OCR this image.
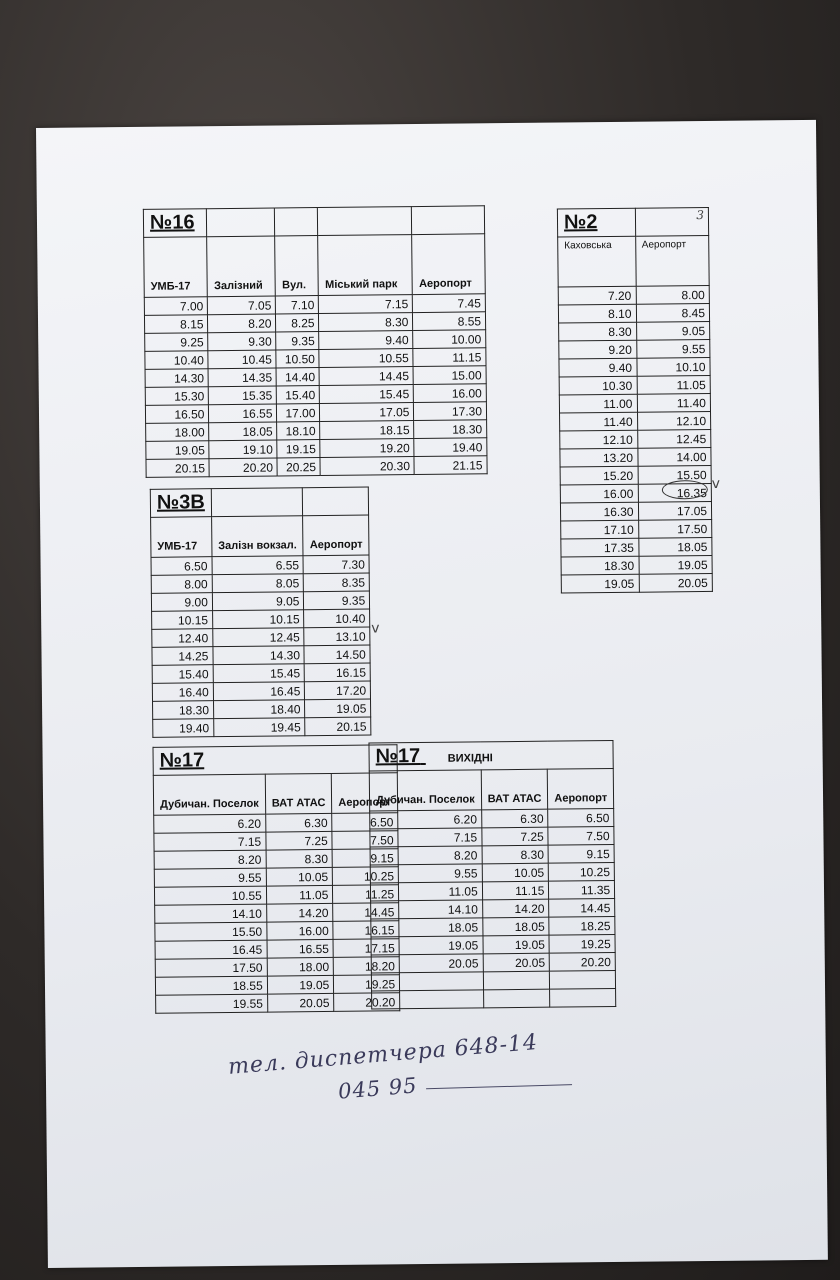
№16				
УМБ-17	Залізний	Вул.	Міський парк	Аеропорт
7.00	7.05	7.10	7.15	7.45
8.15	8.20	8.25	8.30	8.55
9.25	9.30	9.35	9.40	10.00
10.40	10.45	10.50	10.55	11.15
14.30	14.35	14.40	14.45	15.00
15.30	15.35	15.40	15.45	16.00
16.50	16.55	17.00	17.05	17.30
18.00	18.05	18.10	18.15	18.30
19.05	19.10	19.15	19.20	19.40
20.15	20.20	20.25	20.30	21.15
№2	3
Каховська	Аеропорт
7.20	8.00
8.10	8.45
8.30	9.05
9.20	9.55
9.40	10.10
10.30	11.05
11.00	11.40
11.40	12.10
12.10	12.45
13.20	14.00
15.20	15.50
16.00	16.35
16.30	17.05
17.10	17.50
17.35	18.05
18.30	19.05
19.05	20.05
№3В		
УМБ-17	Залізн вокзал.	Аеропорт
6.50	6.55	7.30
8.00	8.05	8.35
9.00	9.05	9.35
10.15	10.15	10.40
12.40	12.45	13.10
14.25	14.30	14.50
15.40	15.45	16.15
16.40	16.45	17.20
18.30	18.40	19.05
19.40	19.45	20.15
№17		
Дубичан. Поселок	ВАТ АТАС	Аеропорт
6.20	6.30	6.50
7.15	7.25	7.50
8.20	8.30	9.15
9.55	10.05	10.25
10.55	11.05	11.25
14.10	14.20	14.45
15.50	16.00	16.15
16.45	16.55	17.15
17.50	18.00	18.20
18.55	19.05	19.25
19.55	20.05	20.20
№17 ВИХІДНІ		
Дубичан. Поселок	ВАТ АТАС	Аеропорт
6.20	6.30	6.50
7.15	7.25	7.50
8.20	8.30	9.15
9.55	10.05	10.25
11.05	11.15	11.35
14.10	14.20	14.45
18.05	18.05	18.25
19.05	19.05	19.25
20.05	20.05	20.20

тел. диспетчера 648-14
045 95
v
v
